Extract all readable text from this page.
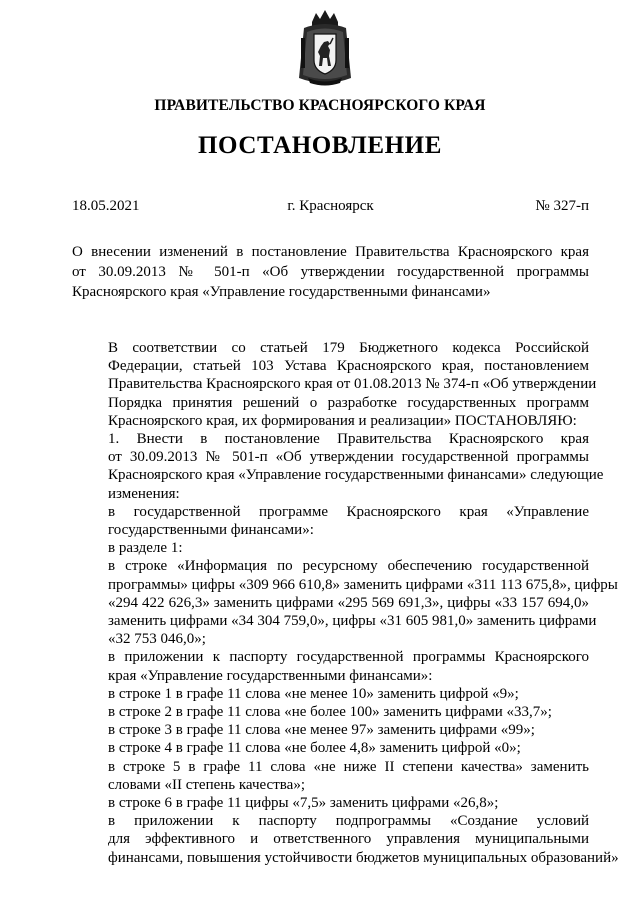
ПРАВИТЕЛЬСТВО КРАСНОЯРСКОГО КРАЯ
ПОСТАНОВЛЕНИЕ
18.05.2021	г. Красноярск	№ 327-п

О внесении изменений в постановление Правительства Красноярского края
от 30.09.2013 № 501-п «Об утверждении государственной программы
Красноярского края «Управление государственными финансами»

В соответствии со статьей 179 Бюджетного кодекса Российской
Федерации, статьей 103 Устава Красноярского края, постановлением
Правительства Красноярского края от 01.08.2013 № 374-п «Об утверждении
Порядка принятия решений о разработке государственных программ
Красноярского края, их формирования и реализации» ПОСТАНОВЛЯЮ:

1. Внести в постановление Правительства Красноярского края
от 30.09.2013 № 501-п «Об утверждении государственной программы
Красноярского края «Управление государственными финансами» следующие
изменения:

в государственной программе Красноярского края «Управление
государственными финансами»:

в разделе 1:

в строке «Информация по ресурсному обеспечению государственной
программы» цифры «309 966 610,8» заменить цифрами «311 113 675,8», цифры
«294 422 626,3» заменить цифрами «295 569 691,3», цифры «33 157 694,0»
заменить цифрами «34 304 759,0», цифры «31 605 981,0» заменить цифрами
«32 753 046,0»;

в приложении к паспорту государственной программы Красноярского
края «Управление государственными финансами»:

в строке 1 в графе 11 слова «не менее 10» заменить цифрой «9»;

в строке 2 в графе 11 слова «не более 100» заменить цифрами «33,7»;

в строке 3 в графе 11 слова «не менее 97» заменить цифрами «99»;

в строке 4 в графе 11 слова «не более 4,8» заменить цифрой «0»;

в строке 5 в графе 11 слова «не ниже II степени качества» заменить
словами «II степень качества»;

в строке 6 в графе 11 цифры «7,5» заменить цифрами «26,8»;

в приложении к паспорту подпрограммы «Создание условий
для эффективного и ответственного управления муниципальными
финансами, повышения устойчивости бюджетов муниципальных образований»
